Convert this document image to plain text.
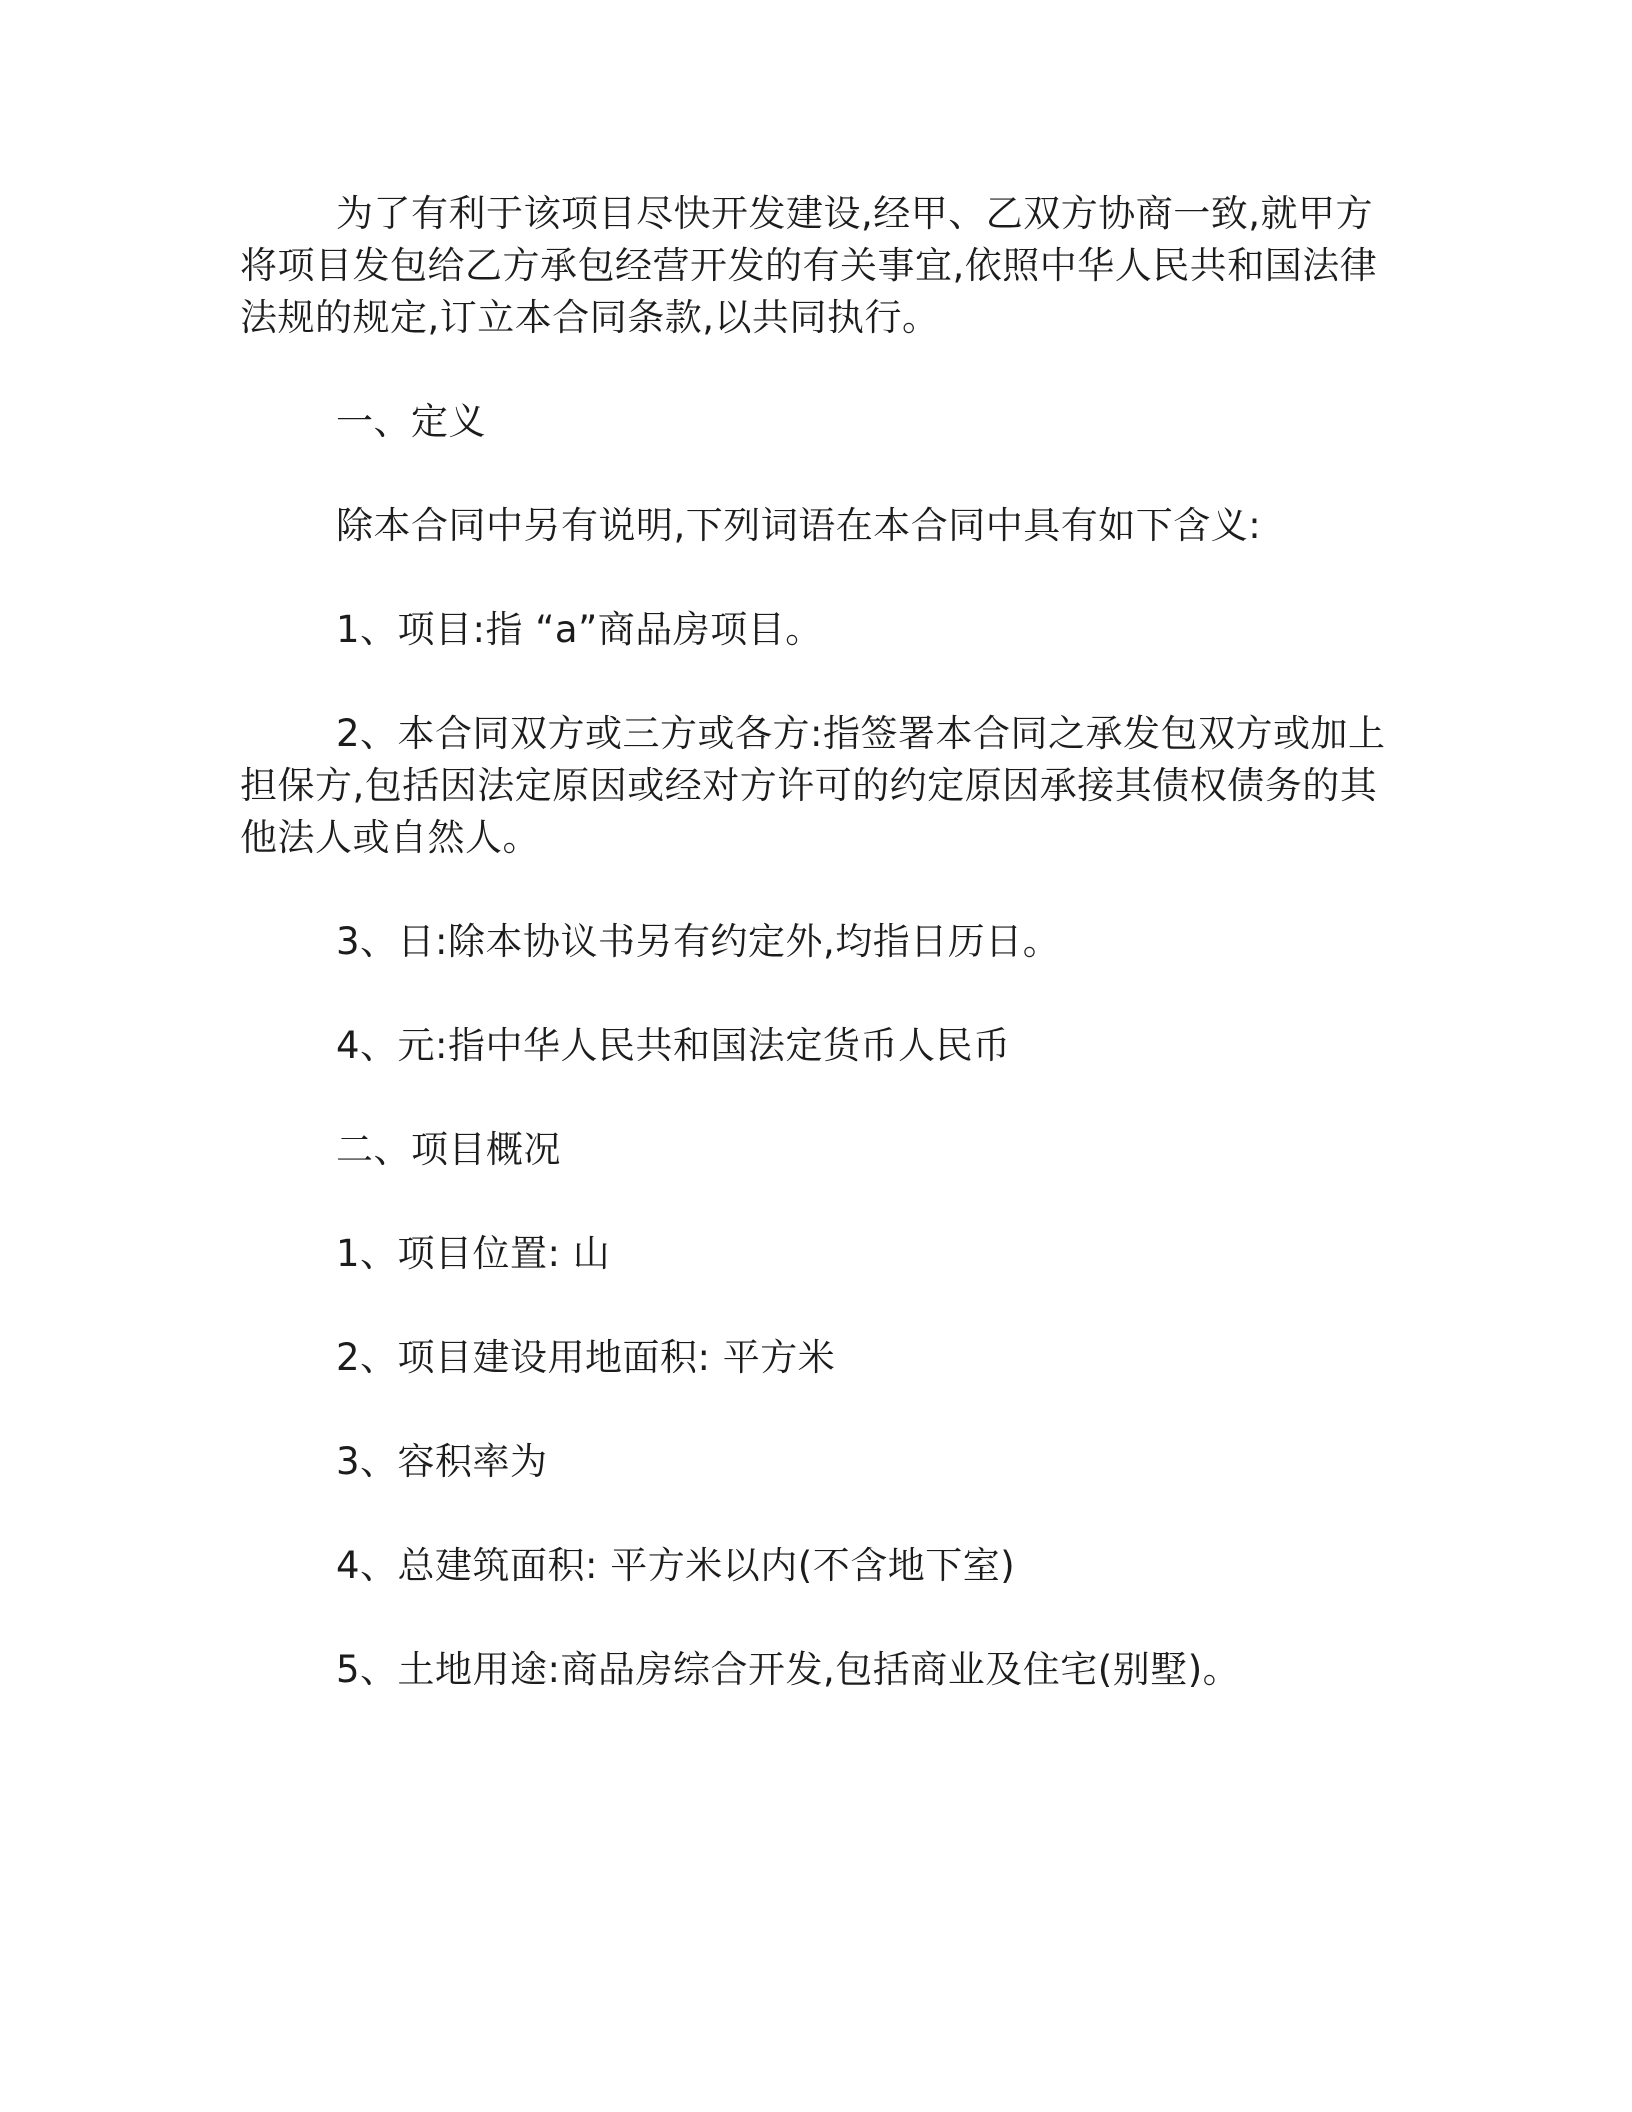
为了有利于该项目尽快开发建设,经甲、乙双方协商一致,就甲方将项目发包给乙方承包经营开发的有关事宜,依照中华人民共和国法律法规的规定,订立本合同条款,以共同执行。

一、定义

除本合同中另有说明,下列词语在本合同中具有如下含义:

1、项目:指 “a”商品房项目。

2、本合同双方或三方或各方:指签署本合同之承发包双方或加上担保方,包括因法定原因或经对方许可的约定原因承接其债权债务的其他法人或自然人。

3、日:除本协议书另有约定外,均指日历日。

4、元:指中华人民共和国法定货币人民币

二、项目概况

1、项目位置: 山

2、项目建设用地面积: 平方米

3、容积率为

4、总建筑面积: 平方米以内(不含地下室)

5、土地用途:商品房综合开发,包括商业及住宅(别墅)。
